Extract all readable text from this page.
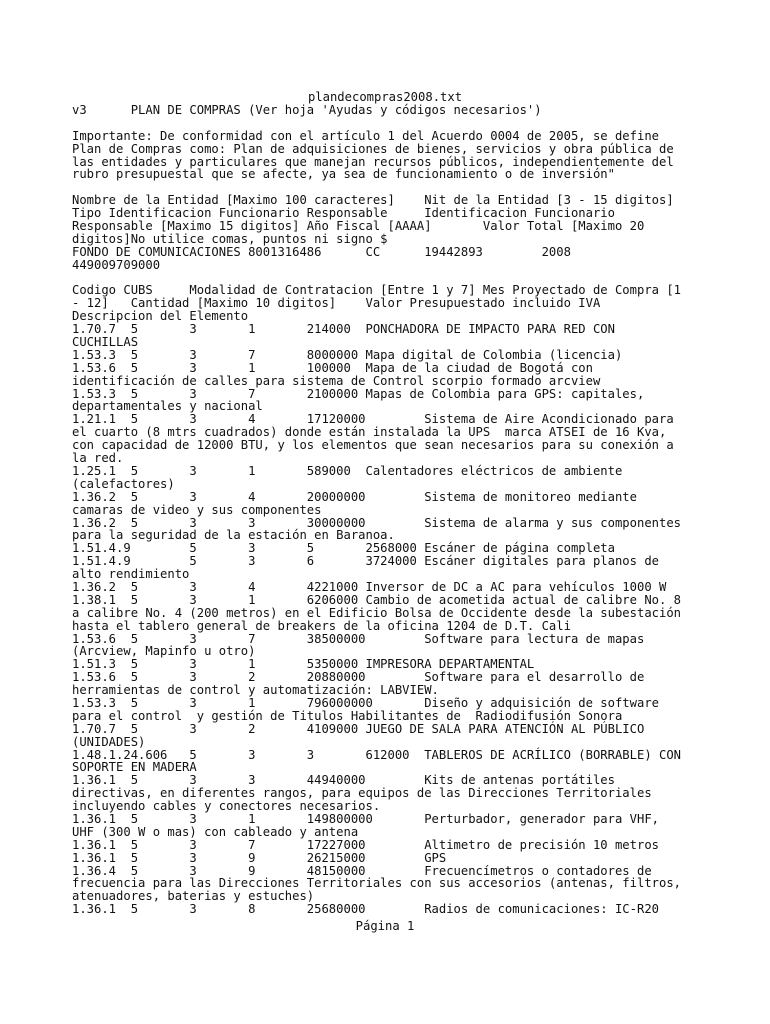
plandecompras2008.txt
v3      PLAN DE COMPRAS (Ver hoja 'Ayudas y códigos necesarios')

Importante: De conformidad con el artículo 1 del Acuerdo 0004 de 2005, se define
Plan de Compras como: Plan de adquisiciones de bienes, servicios y obra pública de
las entidades y particulares que manejan recursos públicos, independientemente del
rubro presupuestal que se afecte, ya sea de funcionamiento o de inversión"

Nombre de la Entidad [Maximo 100 caracteres]    Nit de la Entidad [3 - 15 digitos]
Tipo Identificacion Funcionario Responsable     Identificacion Funcionario
Responsable [Maximo 15 digitos] Año Fiscal [AAAA]       Valor Total [Maximo 20
digitos]No utilice comas, puntos ni signo $
FONDO DE COMUNICACIONES 8001316486      CC      19442893        2008
449009709000

Codigo CUBS     Modalidad de Contratacion [Entre 1 y 7] Mes Proyectado de Compra [1
- 12]   Cantidad [Maximo 10 digitos]    Valor Presupuestado incluido IVA
Descripcion del Elemento
1.70.7  5       3       1       214000  PONCHADORA DE IMPACTO PARA RED CON
CUCHILLAS
1.53.3  5       3       7       8000000 Mapa digital de Colombia (licencia)
1.53.6  5       3       1       100000  Mapa de la ciudad de Bogotá con
identificación de calles para sistema de Control scorpio formado arcview
1.53.3  5       3       7       2100000 Mapas de Colombia para GPS: capitales,
departamentales y nacional
1.21.1  5       3       4       17120000        Sistema de Aire Acondicionado para
el cuarto (8 mtrs cuadrados) donde están instalada la UPS  marca ATSEI de 16 Kva,
con capacidad de 12000 BTU, y los elementos que sean necesarios para su conexión a
la red.
1.25.1  5       3       1       589000  Calentadores eléctricos de ambiente
(calefactores)
1.36.2  5       3       4       20000000        Sistema de monitoreo mediante
camaras de video y sus componentes
1.36.2  5       3       3       30000000        Sistema de alarma y sus componentes
para la seguridad de la estación en Baranoa.
1.51.4.9        5       3       5       2568000 Escáner de página completa
1.51.4.9        5       3       6       3724000 Escáner digitales para planos de
alto rendimiento
1.36.2  5       3       4       4221000 Inversor de DC a AC para vehículos 1000 W
1.38.1  5       3       1       6206000 Cambio de acometida actual de calibre No. 8
a calibre No. 4 (200 metros) en el Edificio Bolsa de Occidente desde la subestación
hasta el tablero general de breakers de la oficina 1204 de D.T. Cali
1.53.6  5       3       7       38500000        Software para lectura de mapas
(Arcview, Mapinfo u otro)
1.51.3  5       3       1       5350000 IMPRESORA DEPARTAMENTAL
1.53.6  5       3       2       20880000        Software para el desarrollo de
herramientas de control y automatización: LABVIEW.
1.53.3  5       3       1       796000000       Diseño y adquisición de software
para el control  y gestión de Titulos Habilitantes de  Radiodifusión Sonora
1.70.7  5       3       2       4109000 JUEGO DE SALA PARA ATENCIÓN AL PÚBLICO
(UNIDADES)
1.48.1.24.606   5       3       3       612000  TABLEROS DE ACRÍLICO (BORRABLE) CON
SOPORTE EN MADERA
1.36.1  5       3       3       44940000        Kits de antenas portátiles
directivas, en diferentes rangos, para equipos de las Direcciones Territoriales
incluyendo cables y conectores necesarios.
1.36.1  5       3       1       149800000       Perturbador, generador para VHF,
UHF (300 W o mas) con cableado y antena
1.36.1  5       3       7       17227000        Altimetro de precisión 10 metros
1.36.1  5       3       9       26215000        GPS
1.36.4  5       3       9       48150000        Frecuencímetros o contadores de
frecuencia para las Direcciones Territoriales con sus accesorios (antenas, filtros,
atenuadores, baterias y estuches)
1.36.1  5       3       8       25680000        Radios de comunicaciones: IC-R20
Página 1
